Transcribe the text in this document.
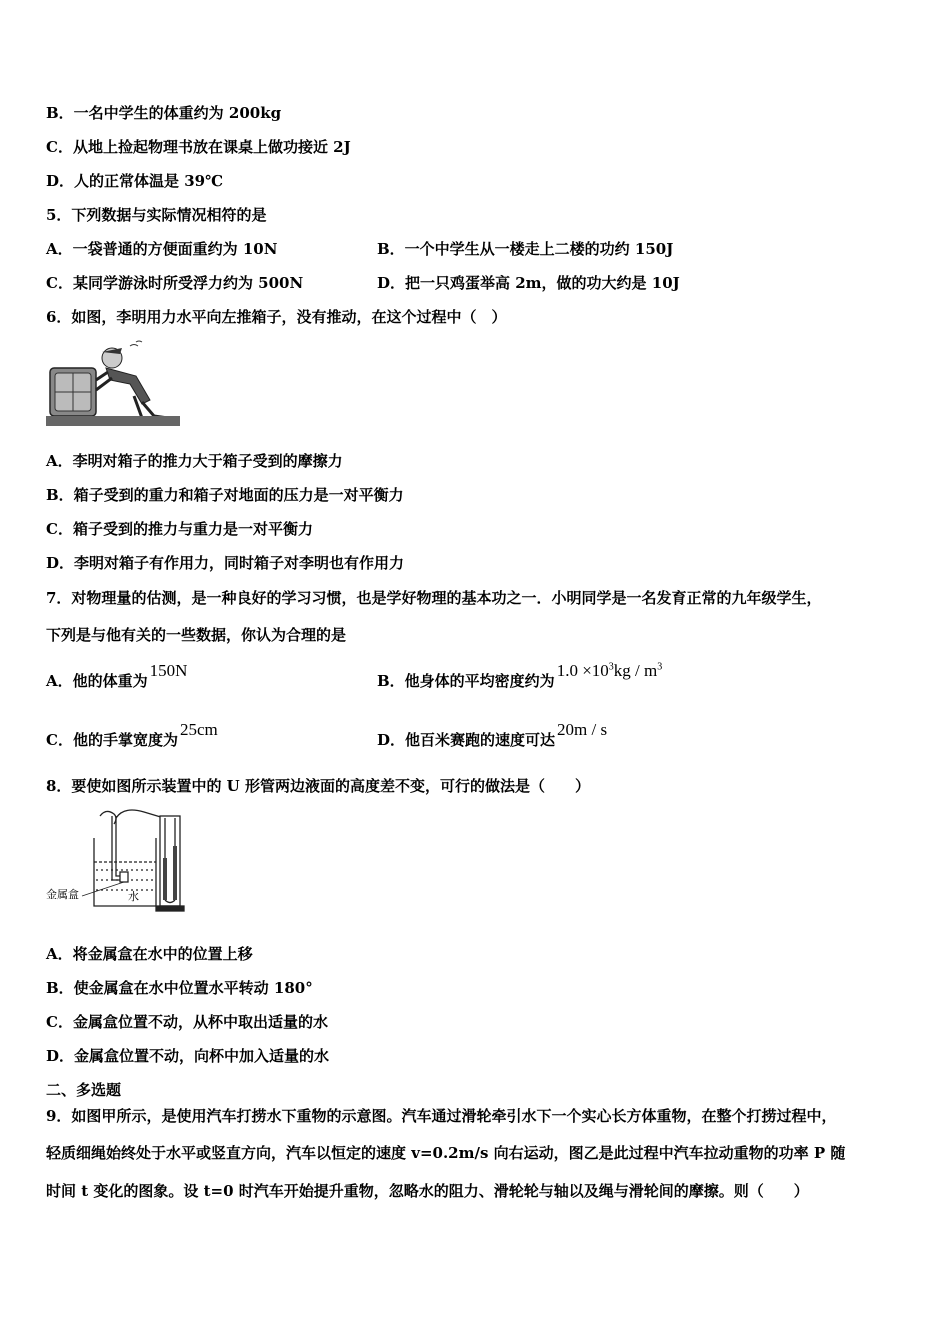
B．一名中学生的体重约为 200kg
C．从地上捡起物理书放在课桌上做功接近 2J
D．人的正常体温是 39℃
5．下列数据与实际情况相符的是
A．一袋普通的方便面重约为 10N	B．一个中学生从一楼走上二楼的功约 150J
C．某同学游泳时所受浮力约为 500N	D．把一只鸡蛋举高 2m，做的功大约是 10J
6．如图，李明用力水平向左推箱子，没有推动，在这个过程中（　）
A．李明对箱子的推力大于箱子受到的摩擦力
B．箱子受到的重力和箱子对地面的压力是一对平衡力
C．箱子受到的推力与重力是一对平衡力
D．李明对箱子有作用力，同时箱子对李明也有作用力
7．对物理量的估测，是一种良好的学习习惯，也是学好物理的基本功之一．小明同学是一名发育正常的九年级学生，
下列是与他有关的一些数据，你认为合理的是
A．他的体重为150N
B．他身体的平均密度约为$1.0 \times 10^3kg / m^3$
C．他的手掌宽度为25cm
D．他百米赛跑的速度可达20m / s
8．要使如图所示装置中的 U 形管两边液面的高度差不变，可行的做法是（　　）
金属盒	水
A．将金属盒在水中的位置上移
B．使金属盒在水中位置水平转动 180°
C．金属盒位置不动，从杯中取出适量的水
D．金属盒位置不动，向杯中加入适量的水
二、多选题
9．如图甲所示，是使用汽车打捞水下重物的示意图。汽车通过滑轮牵引水下一个实心长方体重物，在整个打捞过程中，
轻质细绳始终处于水平或竖直方向，汽车以恒定的速度 v=0.2m/s 向右运动，图乙是此过程中汽车拉动重物的功率 P 随
时间 t 变化的图象。设 t=0 时汽车开始提升重物，忽略水的阻力、滑轮轮与轴以及绳与滑轮间的摩擦。则（　　）
